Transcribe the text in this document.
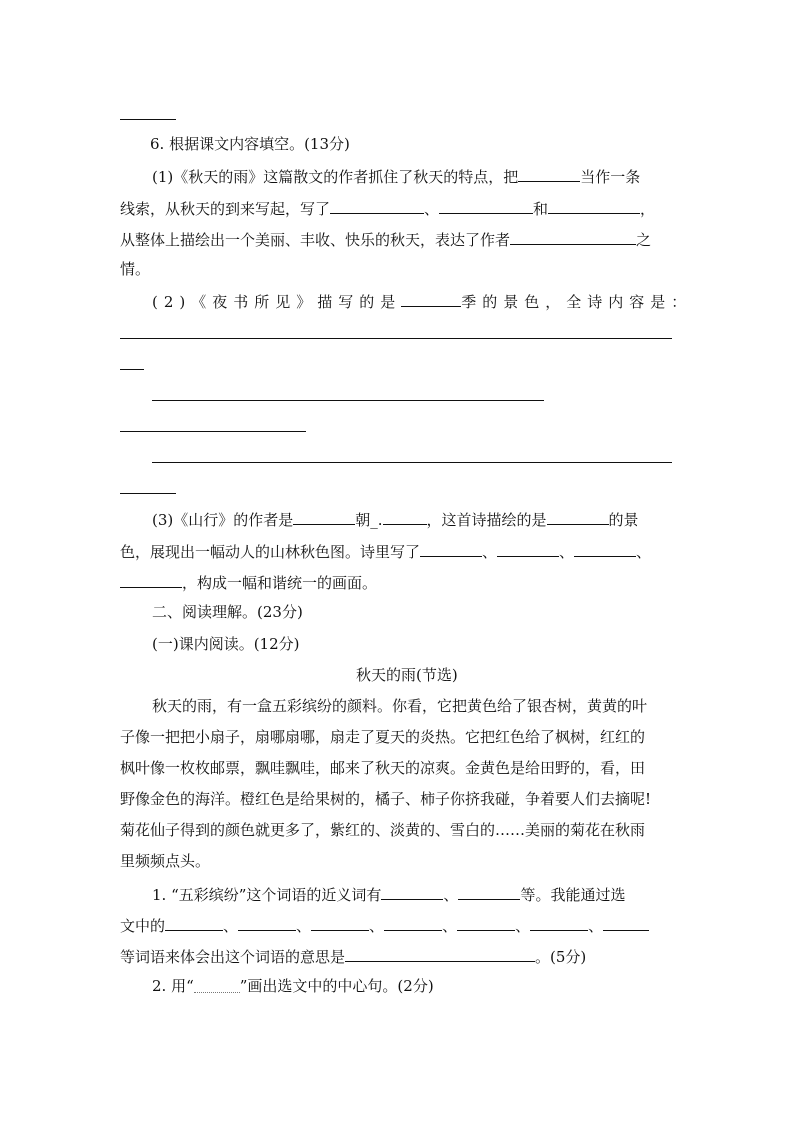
6. 根据课文内容填空。(13分)
(1)《秋天的雨》这篇散文的作者抓住了秋天的特点，把	当作一条
线索，从秋天的到来写起，写了	、	和	，
从整体上描绘出一个美丽、丰收、快乐的秋天，表达了作者	之
情。
(2)《夜书所见》描写的是	季的景色，全诗内容是：
(3)《山行》的作者是	朝_.	，这首诗描绘的是	的景
色，展现出一幅动人的山林秋色图。诗里写了	、	、	、
，构成一幅和谐统一的画面。
二、阅读理解。(23分)
(一)课内阅读。(12分)
秋天的雨(节选)
秋天的雨，有一盒五彩缤纷的颜料。你看，它把黄色给了银杏树，黄黄的叶
子像一把把小扇子，扇哪扇哪，扇走了夏天的炎热。它把红色给了枫树，红红的
枫叶像一枚枚邮票，飘哇飘哇，邮来了秋天的凉爽。金黄色是给田野的，看，田
野像金色的海洋。橙红色是给果树的，橘子、柿子你挤我碰，争着要人们去摘呢!
菊花仙子得到的颜色就更多了，紫红的、淡黄的、雪白的……美丽的菊花在秋雨
里频频点头。
1. “五彩缤纷”这个词语的近义词有	、	等。我能通过选
文中的	、	、	、	、	、	、
等词语来体会出这个词语的意思是	。(5分)
2. 用“	”画出选文中的中心句。(2分)
